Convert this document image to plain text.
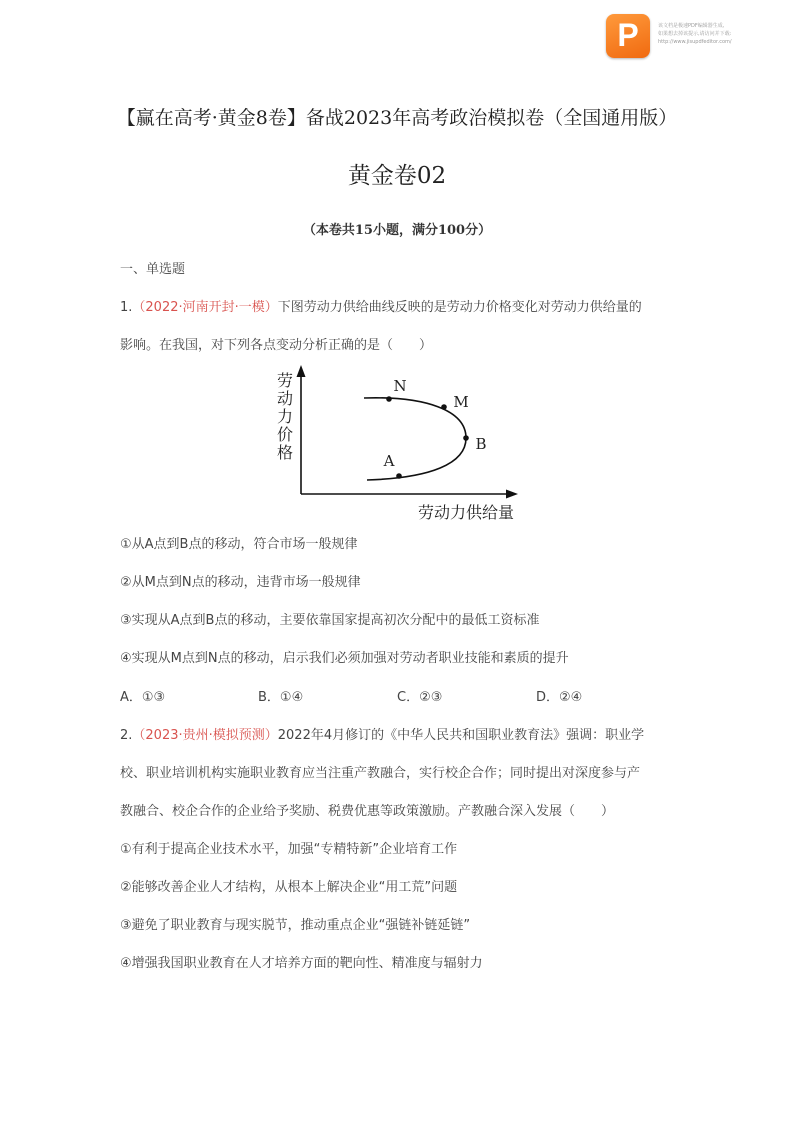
P	该文档是极速PDF编辑器生成,
如果想去掉该提示,请访问并下载:
http://www.jisupdfeditor.com/
【赢在高考·黄金8卷】备战2023年高考政治模拟卷（全国通用版）
黄金卷02
（本卷共15小题，满分100分）
一、单选题
1.（2022·河南开封·一模）下图劳动力供给曲线反映的是劳动力价格变化对劳动力供给量的
影响。在我国，对下列各点变动分析正确的是（　　）
N
M
B
A
劳
动
力
价
格
劳动力供给量
①从A点到B点的移动，符合市场一般规律
②从M点到N点的移动，违背市场一般规律
③实现从A点到B点的移动，主要依靠国家提高初次分配中的最低工资标准
④实现从M点到N点的移动，启示我们必须加强对劳动者职业技能和素质的提升
A．①③	B．①④	C．②③	D．②④
2.（2023·贵州·模拟预测）2022年4月修订的《中华人民共和国职业教育法》强调：职业学
校、职业培训机构实施职业教育应当注重产教融合，实行校企合作；同时提出对深度参与产
教融合、校企合作的企业给予奖励、税费优惠等政策激励。产教融合深入发展（　　）
①有利于提高企业技术水平，加强“专精特新”企业培育工作
②能够改善企业人才结构，从根本上解决企业“用工荒”问题
③避免了职业教育与现实脱节，推动重点企业“强链补链延链”
④增强我国职业教育在人才培养方面的靶向性、精准度与辐射力
